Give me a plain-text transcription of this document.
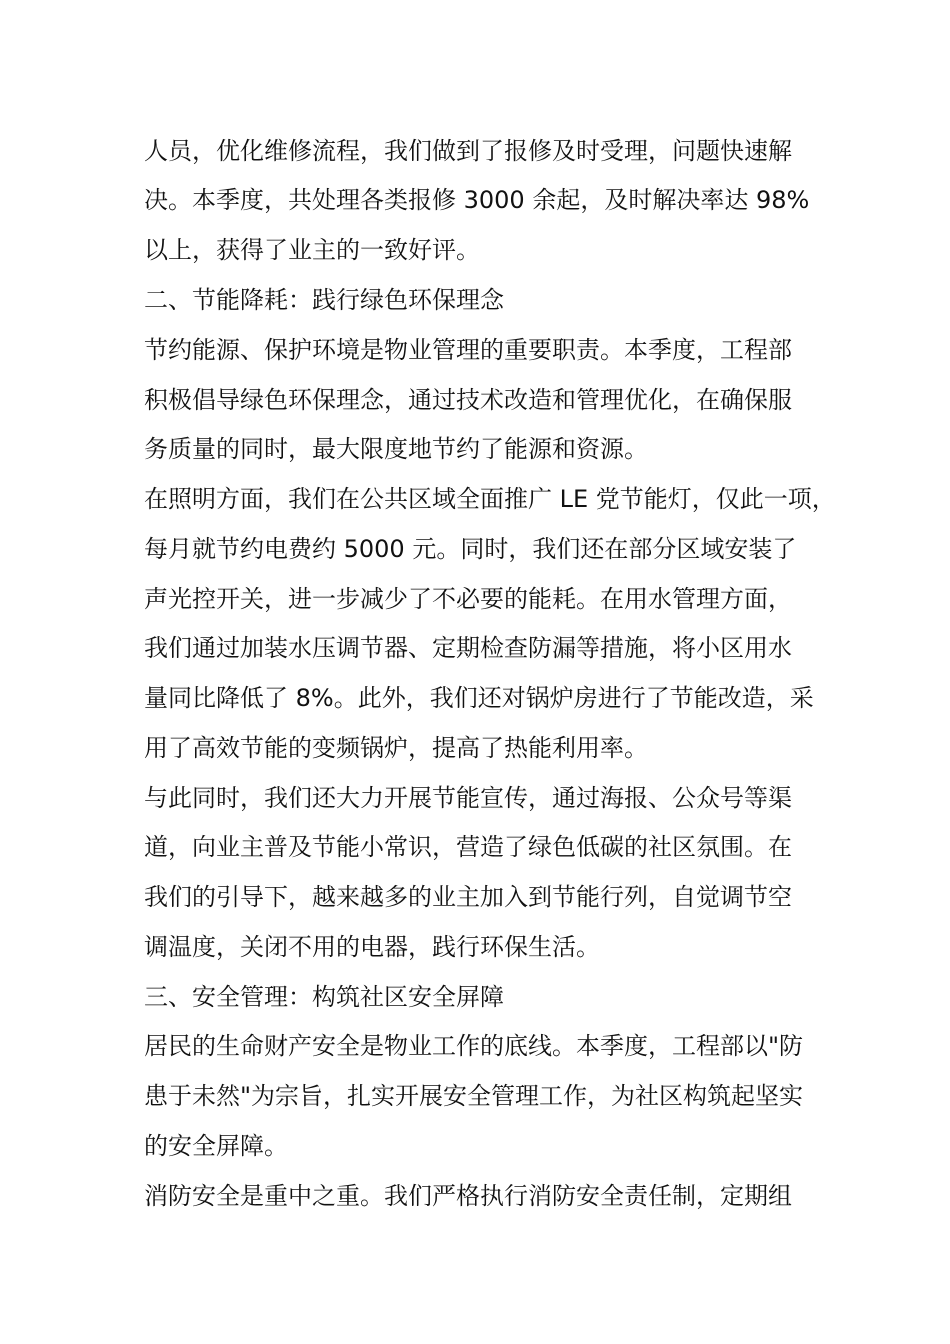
人员，优化维修流程，我们做到了报修及时受理，问题快速解
决。本季度，共处理各类报修 3000 余起，及时解决率达 98%
以上，获得了业主的一致好评。
二、节能降耗：践行绿色环保理念
节约能源、保护环境是物业管理的重要职责。本季度，工程部
积极倡导绿色环保理念，通过技术改造和管理优化，在确保服
务质量的同时，最大限度地节约了能源和资源。
在照明方面，我们在公共区域全面推广 LE 党节能灯，仅此一项，
每月就节约电费约 5000 元。同时，我们还在部分区域安装了
声光控开关，进一步减少了不必要的能耗。在用水管理方面，
我们通过加装水压调节器、定期检查防漏等措施，将小区用水
量同比降低了 8%。此外，我们还对锅炉房进行了节能改造，采
用了高效节能的变频锅炉，提高了热能利用率。
与此同时，我们还大力开展节能宣传，通过海报、公众号等渠
道，向业主普及节能小常识，营造了绿色低碳的社区氛围。在
我们的引导下，越来越多的业主加入到节能行列，自觉调节空
调温度，关闭不用的电器，践行环保生活。
三、安全管理：构筑社区安全屏障
居民的生命财产安全是物业工作的底线。本季度，工程部以"防
患于未然"为宗旨，扎实开展安全管理工作，为社区构筑起坚实
的安全屏障。
消防安全是重中之重。我们严格执行消防安全责任制，定期组
